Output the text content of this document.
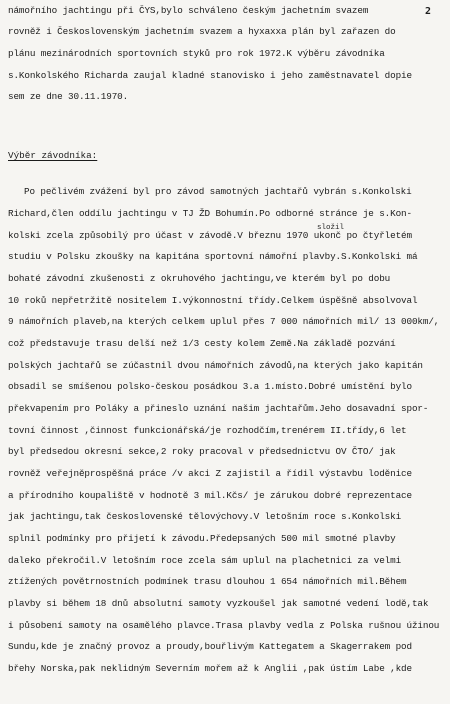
2
námořního jachtingu při ČYS,bylo schváleno českým jachetním svazem
rovněž i Československým jachetním svazem a hyxaxxa plán byl zařazen do
plánu mezinárodních sportovních styků pro rok 1972.K výběru závodníka
s.Konkolského Richarda zaujal kladné stanovisko i jeho zaměstnavatel dopie
sem ze dne 30.11.1970.
Po pečlivém zvážení byl pro závod samotných jachtařů vybrán s.Konkolski
Richard,člen oddílu jachtingu v TJ ŽD Bohumín.Po odborné stránce je s.Kon-
kolski zcela způsobilý pro účast v závodě.V březnu 1970 ukonč po čtyřletém
studiu v Polsku zkoušky na kapitána sportovní námořní plavby.S.Konkolski má
bohaté závodní zkušenosti z okruhového jachtingu,ve kterém byl po dobu
10 roků nepřetržitě nositelem I.výkonnostní třídy.Celkem úspěšně absolvoval
9 námořních plaveb,na kterých celkem uplul přes 7 000 námořních mil/ 13 000km/,
což představuje trasu delší než 1/3 cesty kolem Země.Na základě pozvání
polských jachtařů se zúčastnil dvou námořních závodů,na kterých jako kapitán
obsadil se smíšenou polsko-českou posádkou 3.a 1.místo.Dobré umístění bylo
překvapením pro Poláky a přineslo uznání našim jachtařům.Jeho dosavadní spor-
tovní činnost ,činnost funkcionářská/je rozhodčím,trenérem II.třídy,6 let
byl předsedou okresní sekce,2 roky pracoval v předsednictvu OV ČTO/ jak
rovněž veřejněprospěšná práce /v akci Z zajistil a řídil výstavbu loděnice
a přírodního koupaliště v hodnotě 3 mil.Kčs/ je zárukou dobré reprezentace
jak jachtingu,tak československé tělovýchovy.V letošním roce s.Konkolski
splnil podmínky pro přijetí k závodu.Předepsaných 500 mil smotné plavby
daleko překročil.V letošním roce zcela sám uplul na plachetnici za velmi
ztížených povětrnostních podmínek trasu dlouhou 1 654 námořních mil.Během
plavby si během 18 dnů absolutní samoty vyzkoušel jak samotné vedení lodě,tak
i působení samoty na osamělého plavce.Trasa plavby vedla z Polska rušnou úžinou
Sundu,kde je značný provoz a proudy,bouřlivým Kattegatem a Skagerrakem pod
břehy Norska,pak neklidným Severním mořem až k Anglii ,pak ústím Labe ,kde
Výběr závodníka:
složil
